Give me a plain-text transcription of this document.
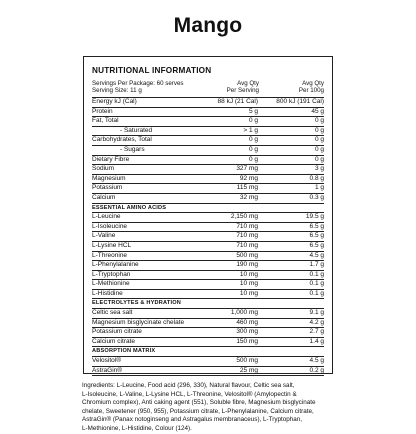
Mango
NUTRITIONAL INFORMATION
Servings Per Package: 60 serves
Serving Size: 11 g
Avg Qty
Per Serving
Avg Qty
Per 100g
Energy kJ (Cal)	88 kJ (21 Cal)	800 kJ (191 Cal)
Protein	5 g	45 g
Fat, Total	0 g	0 g
- Saturated	> 1 g	0 g
Carbohydrates, Total	0 g	0 g
- Sugars	0 g	0 g
Dietary Fibre	0 g	0 g
Sodium	327 mg	3 g
Magnesium	92 mg	0.8 g
Potassium	115 mg	1 g
Calcium	32 mg	0.3 g
ESSENTIAL AMINO ACIDS
L-Leucine	2,150 mg	19.5 g
L-Isoleucine	710 mg	6.5 g
L-Valine	710 mg	6.5 g
L-Lysine HCL	710 mg	6.5 g
L-Threonine	500 mg	4.5 g
L-Phenylalanine	190 mg	1.7 g
L-Tryptophan	10 mg	0.1 g
L-Methionine	10 mg	0.1 g
L-Histidine	10 mg	0.1 g
ELECTROLYTES & HYDRATION
Celtic sea salt	1,000 mg	9.1 g
Magnesium bisglycinate chelate	460 mg	4.2 g
Potassium citrate	300 mg	2.7 g
Calcium citrate	150 mg	1.4 g
ABSORPTION MATRIX
Velositol®	500 mg	4.5 g
AstraGin®	25 mg	0.2 g
Ingredients: L-Leucine, Food acid (296, 330), Natural flavour, Celtic sea salt,
L-Isoleucine, L-Valine, L-Lysine HCL, L-Threonine, Velositol® (Amylopectin &
Chromium complex), Anti caking agent (551), Soluble fibre, Magnesium bisglycinate
chelate, Sweetener (950, 955), Potassium citrate, L-Phenylalanine, Calcium citrate,
AstraGin® (Panax notoginseng and Astragalus membranaceus), L-Tryptophan,
L-Methionine, L-Histidine, Colour (124).
